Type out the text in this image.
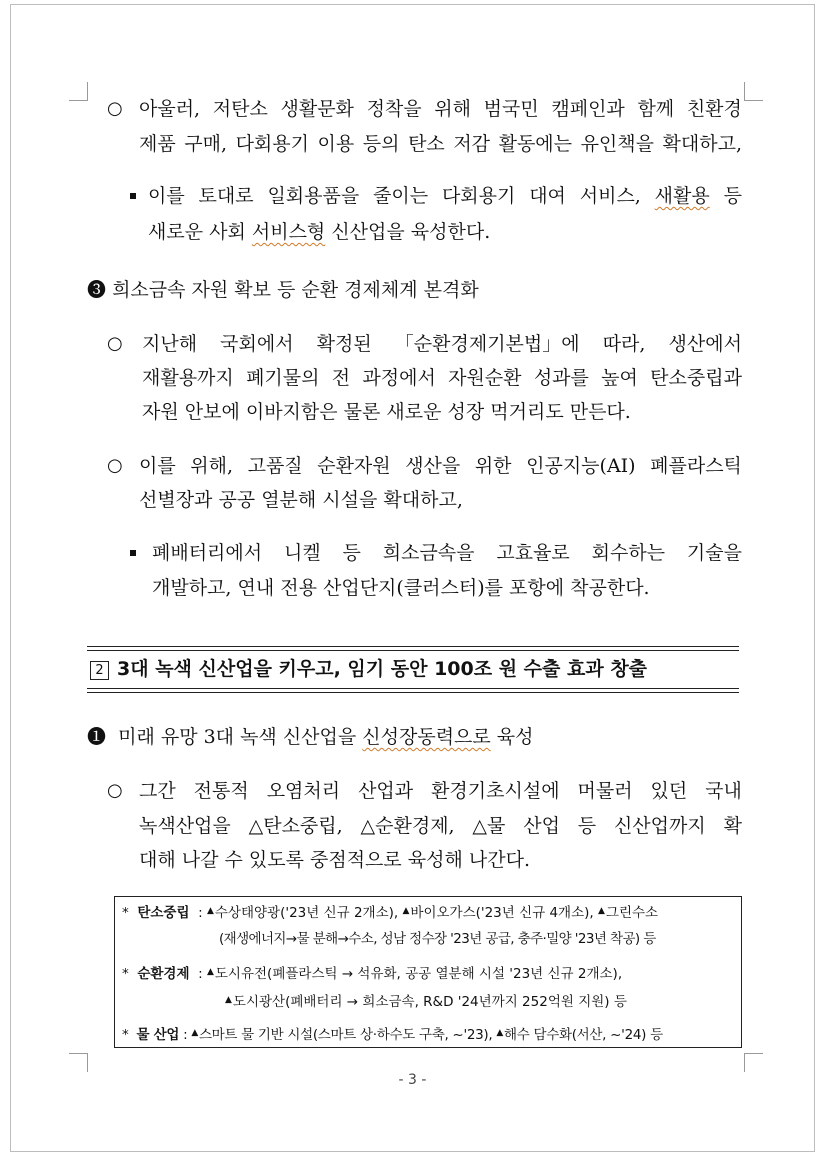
○ 아울러, 저탄소 생활문화 정착을 위해 범국민 캠페인과 함께 친환경
제품 구매, 다회용기 이용 등의 탄소 저감 활동에는 유인책을 확대하고,
이를 토대로 일회용품을 줄이는 다회용기 대여 서비스, 새활용 등
새로운 사회 서비스형 신산업을 육성한다.
❸ 희소금속 자원 확보 등 순환 경제체계 본격화
○ 지난해 국회에서 확정된 「순환경제기본법」에 따라, 생산에서
재활용까지 폐기물의 전 과정에서 자원순환 성과를 높여 탄소중립과
자원 안보에 이바지함은 물론 새로운 성장 먹거리도 만든다.
○ 이를 위해, 고품질 순환자원 생산을 위한 인공지능(AI) 폐플라스틱
선별장과 공공 열분해 시설을 확대하고,
폐배터리에서 니켈 등 희소금속을 고효율로 회수하는 기술을
개발하고, 연내 전용 산업단지(클러스터)를 포항에 착공한다.
2 3대 녹색 신산업을 키우고, 임기 동안 100조 원 수출 효과 창출
❶  미래 유망 3대 녹색 신산업을 신성장동력으로 육성
○ 그간 전통적 오염처리 산업과 환경기초시설에 머물러 있던 국내
녹색산업을 △탄소중립, △순환경제, △물 산업 등 신산업까지 확
대해 나갈 수 있도록 중점적으로 육성해 나간다.
* 탄소중립 : ▲수상태양광('23년 신규 2개소), ▲바이오가스('23년 신규 4개소), ▲그린수소
(재생에너지→물 분해→수소, 성남 정수장 '23년 공급, 충주·밀양 '23년 착공) 등
* 순환경제 : ▲도시유전(폐플라스틱 → 석유화, 공공 열분해 시설 '23년 신규 2개소),
▲도시광산(폐배터리 → 희소금속, R&D '24년까지 252억원 지원) 등
* 물 산업 : ▲스마트 물 기반 시설(스마트 상·하수도 구축, ~'23), ▲해수 담수화(서산, ~'24) 등
- 3 -
